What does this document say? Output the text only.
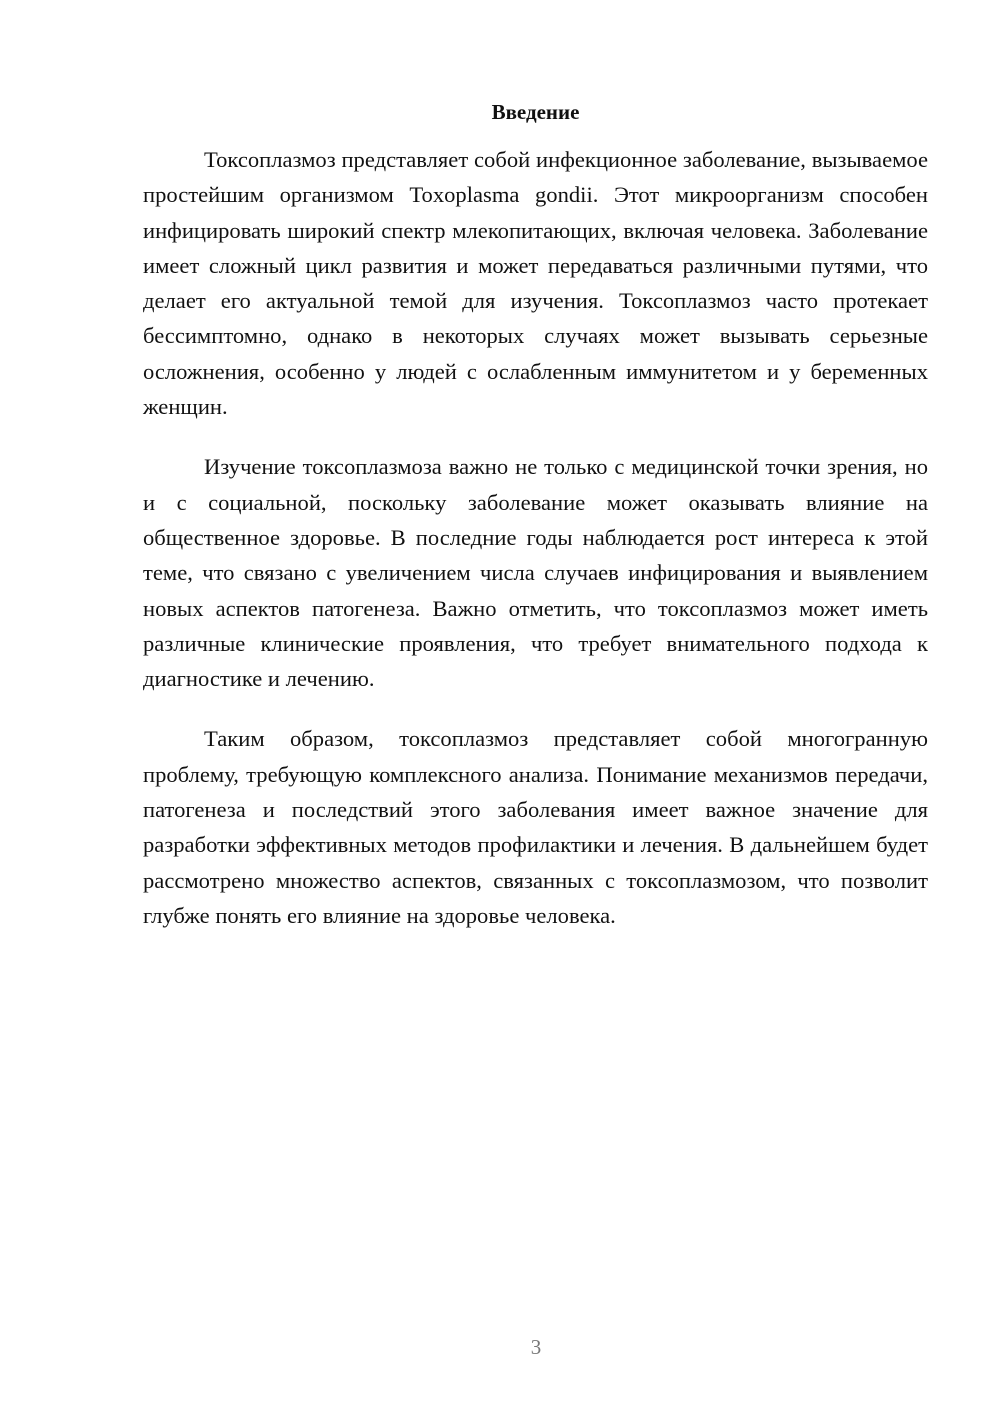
Введение

Токсоплазмоз представляет собой инфекционное заболевание, вызываемое простейшим организмом Toxoplasma gondii. Этот микроорганизм способен инфицировать широкий спектр млекопитающих, включая человека. Заболевание имеет сложный цикл развития и может передаваться различными путями, что делает его актуальной темой для изучения. Токсоплазмоз часто протекает бессимптомно, однако в некоторых случаях может вызывать серьезные осложнения, особенно у людей с ослабленным иммунитетом и у беременных женщин.

Изучение токсоплазмоза важно не только с медицинской точки зрения, но и с социальной, поскольку заболевание может оказывать влияние на общественное здоровье. В последние годы наблюдается рост интереса к этой теме, что связано с увеличением числа случаев инфицирования и выявлением новых аспектов патогенеза. Важно отметить, что токсоплазмоз может иметь различные клинические проявления, что требует внимательного подхода к диагностике и лечению.

Таким образом, токсоплазмоз представляет собой многогранную проблему, требующую комплексного анализа. Понимание механизмов передачи, патогенеза и последствий этого заболевания имеет важное значение для разработки эффективных методов профилактики и лечения. В дальнейшем будет рассмотрено множество аспектов, связанных с токсоплазмозом, что позволит глубже понять его влияние на здоровье человека.

3
